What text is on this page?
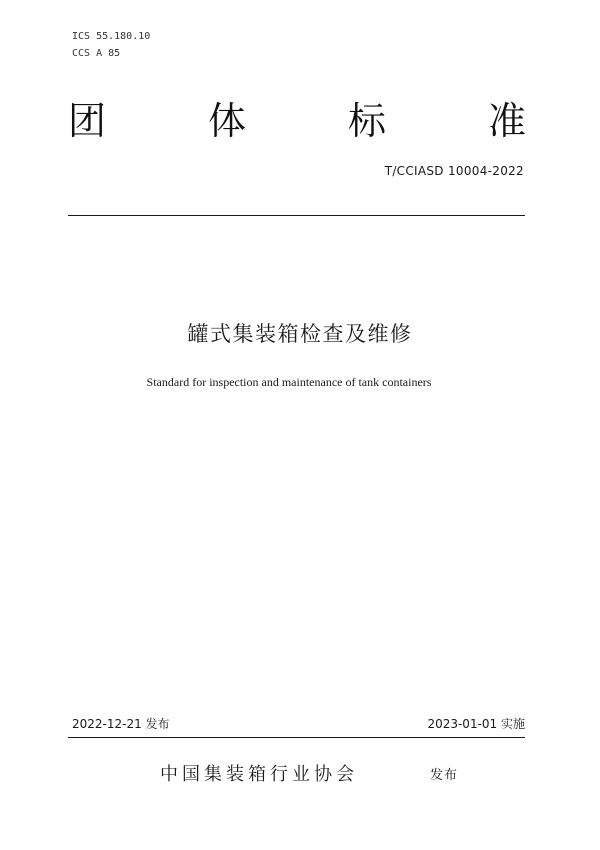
ICS 55.180.10
CCS A 85
团	体	标	准
T/CCIASD 10004-2022
罐式集装箱检查及维修
Standard for inspection and maintenance of tank containers
2022-12-21 发布	2023-01-01 实施
中国集装箱行业协会	发布
